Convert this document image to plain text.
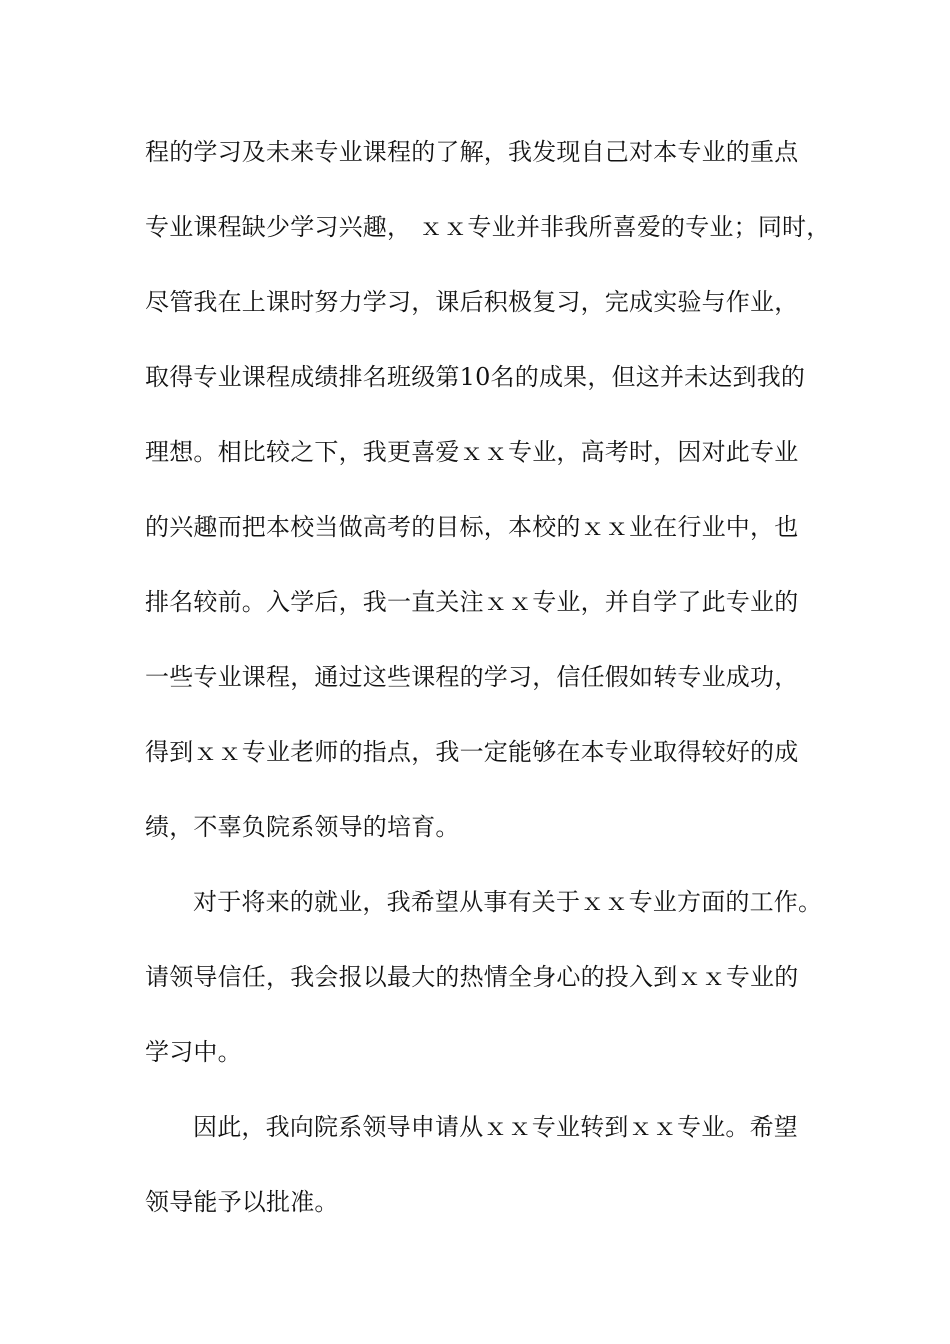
程的学习及未来专业课程的了解，我发现自己对本专业的重点
专业课程缺少学习兴趣， ｘｘ专业并非我所喜爱的专业；同时，
尽管我在上课时努力学习，课后积极复习，完成实验与作业，
取得专业课程成绩排名班级第10名的成果，但这并未达到我的
理想。相比较之下，我更喜爱ｘｘ专业，高考时，因对此专业
的兴趣而把本校当做高考的目标，本校的ｘｘ业在行业中，也
排名较前。入学后，我一直关注ｘｘ专业，并自学了此专业的
一些专业课程，通过这些课程的学习，信任假如转专业成功，
得到ｘｘ专业老师的指点，我一定能够在本专业取得较好的成
绩，不辜负院系领导的培育。
对于将来的就业，我希望从事有关于ｘｘ专业方面的工作。
请领导信任，我会报以最大的热情全身心的投入到ｘｘ专业的
学习中。
因此，我向院系领导申请从ｘｘ专业转到ｘｘ专业。希望
领导能予以批准。
